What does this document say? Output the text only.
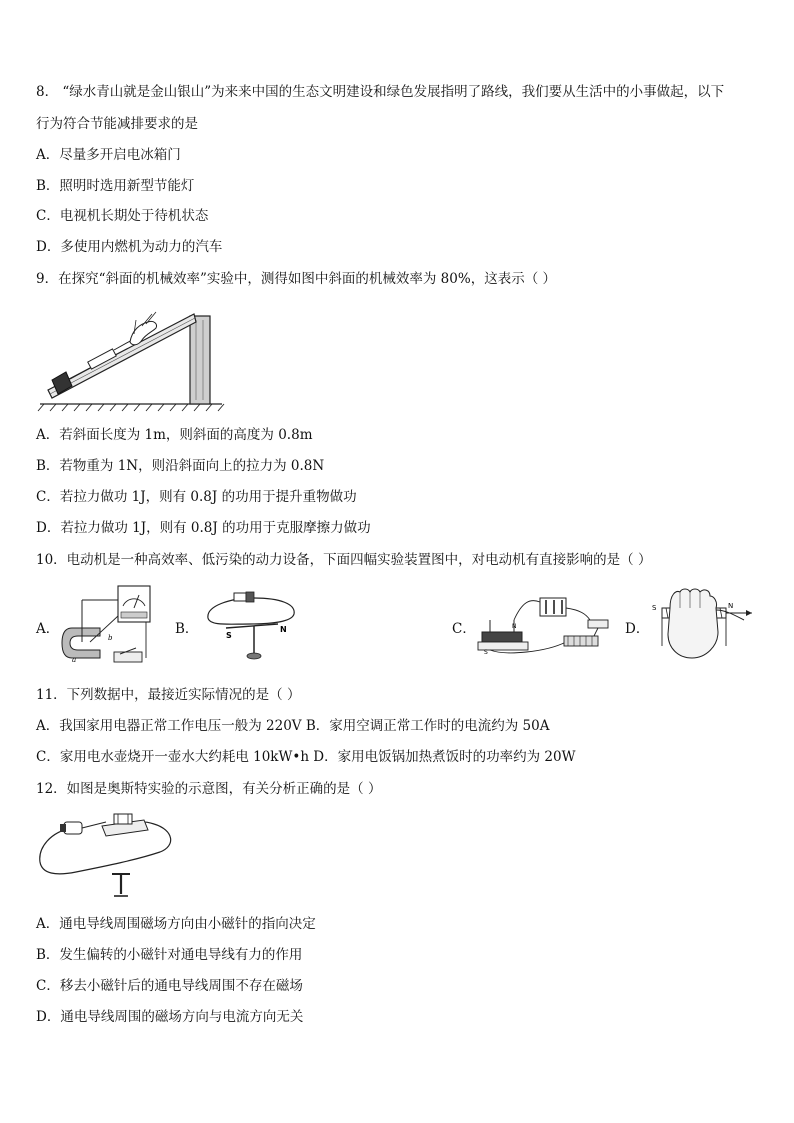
8． “绿水青山就是金山银山”为来来中国的生态文明建设和绿色发展指明了路线，我们要从生活中的小事做起，以下
行为符合节能减排要求的是
A．尽量多开启电冰箱门
B．照明时选用新型节能灯
C．电视机长期处于待机状态
D．多使用内燃机为动力的汽车
9．在探究“斜面的机械效率”实验中，测得如图中斜面的机械效率为 80%，这表示（ ）
A．若斜面长度为 1m，则斜面的高度为 0.8m
B．若物重为 1N，则沿斜面向上的拉力为 0.8N
C．若拉力做功 1J，则有 0.8J 的功用于提升重物做功
D．若拉力做功 1J，则有 0.8J 的功用于克服摩擦力做功
10．电动机是一种高效率、低污染的动力设备，下面四幅实验装置图中，对电动机有直接影响的是（ ）
A．
a
b
B．	S
N	C．	N
S
D．
S	N
11．下列数据中，最接近实际情况的是（ ）
A．我国家用电器正常工作电压一般为 220V B．家用空调正常工作时的电流约为 50A
C．家用电水壶烧开一壶水大约耗电 10kW•h D．家用电饭锅加热煮饭时的功率约为 20W
12．如图是奥斯特实验的示意图，有关分析正确的是（ ）
A．通电导线周围磁场方向由小磁针的指向决定
B．发生偏转的小磁针对通电导线有力的作用
C．移去小磁针后的通电导线周围不存在磁场
D．通电导线周围的磁场方向与电流方向无关
